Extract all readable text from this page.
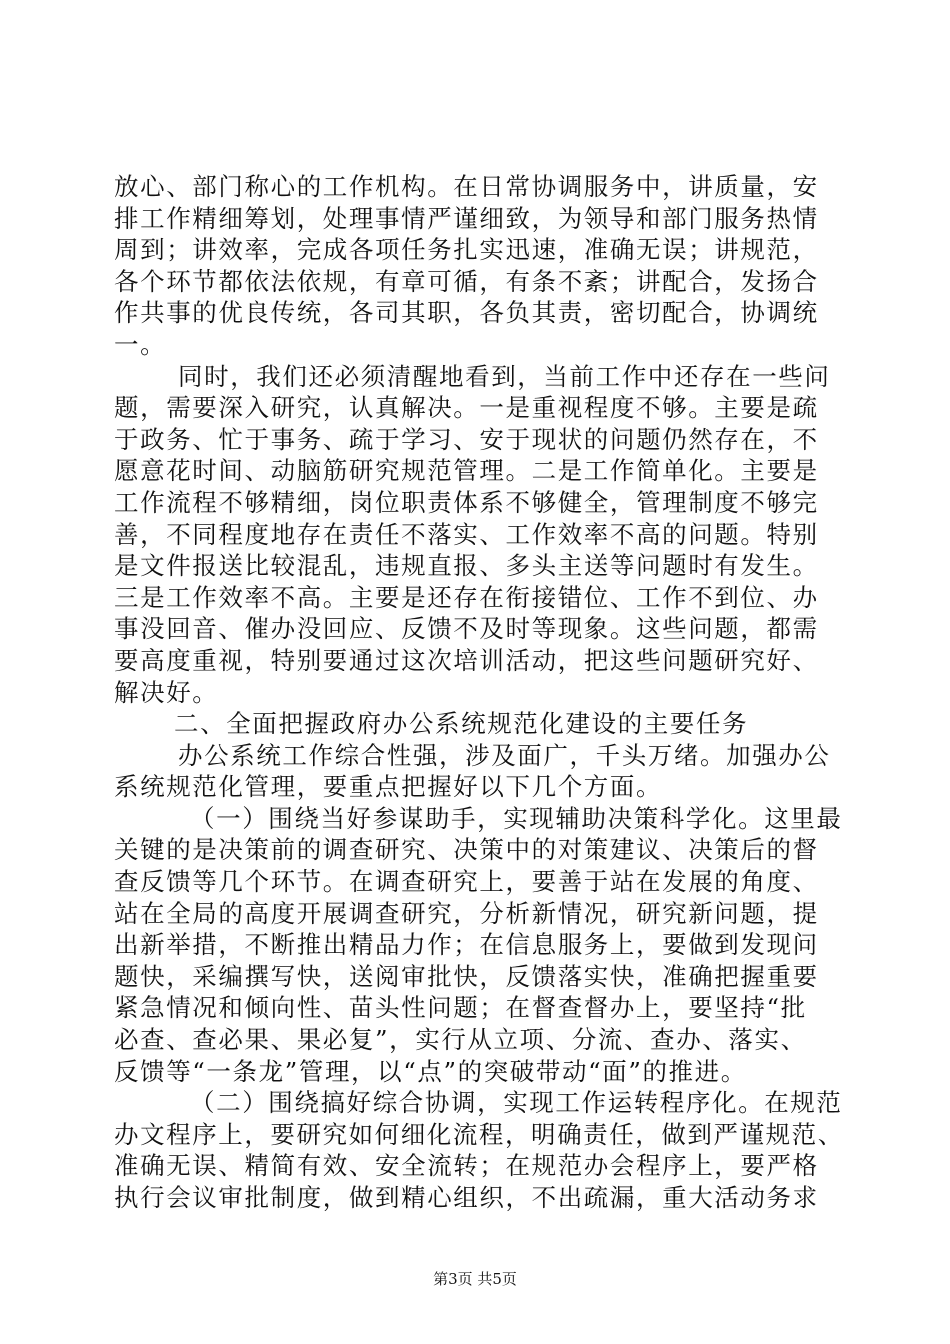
放心、部门称心的工作机构。在日常协调服务中，讲质量，安
排工作精细筹划，处理事情严谨细致，为领导和部门服务热情
周到；讲效率，完成各项任务扎实迅速，准确无误；讲规范，
各个环节都依法依规，有章可循，有条不紊；讲配合，发扬合
作共事的优良传统，各司其职，各负其责，密切配合，协调统
一。
同时，我们还必须清醒地看到，当前工作中还存在一些问
题，需要深入研究，认真解决。一是重视程度不够。主要是疏
于政务、忙于事务、疏于学习、安于现状的问题仍然存在，不
愿意花时间、动脑筋研究规范管理。二是工作简单化。主要是
工作流程不够精细，岗位职责体系不够健全，管理制度不够完
善，不同程度地存在责任不落实、工作效率不高的问题。特别
是文件报送比较混乱，违规直报、多头主送等问题时有发生。
三是工作效率不高。主要是还存在衔接错位、工作不到位、办
事没回音、催办没回应、反馈不及时等现象。这些问题，都需
要高度重视，特别要通过这次培训活动，把这些问题研究好、
解决好。
二、全面把握政府办公系统规范化建设的主要任务
办公系统工作综合性强，涉及面广，千头万绪。加强办公
系统规范化管理，要重点把握好以下几个方面。
（一）围绕当好参谋助手，实现辅助决策科学化。这里最
关键的是决策前的调查研究、决策中的对策建议、决策后的督
查反馈等几个环节。在调查研究上，要善于站在发展的角度、
站在全局的高度开展调查研究，分析新情况，研究新问题，提
出新举措，不断推出精品力作；在信息服务上，要做到发现问
题快，采编撰写快，送阅审批快，反馈落实快，准确把握重要
紧急情况和倾向性、苗头性问题；在督查督办上，要坚持“批
必查、查必果、果必复”，实行从立项、分流、查办、落实、
反馈等“一条龙”管理，以“点”的突破带动“面”的推进。
（二）围绕搞好综合协调，实现工作运转程序化。在规范
办文程序上，要研究如何细化流程，明确责任，做到严谨规范、
准确无误、精简有效、安全流转；在规范办会程序上，要严格
执行会议审批制度，做到精心组织，不出疏漏，重大活动务求
第3页 共5页
